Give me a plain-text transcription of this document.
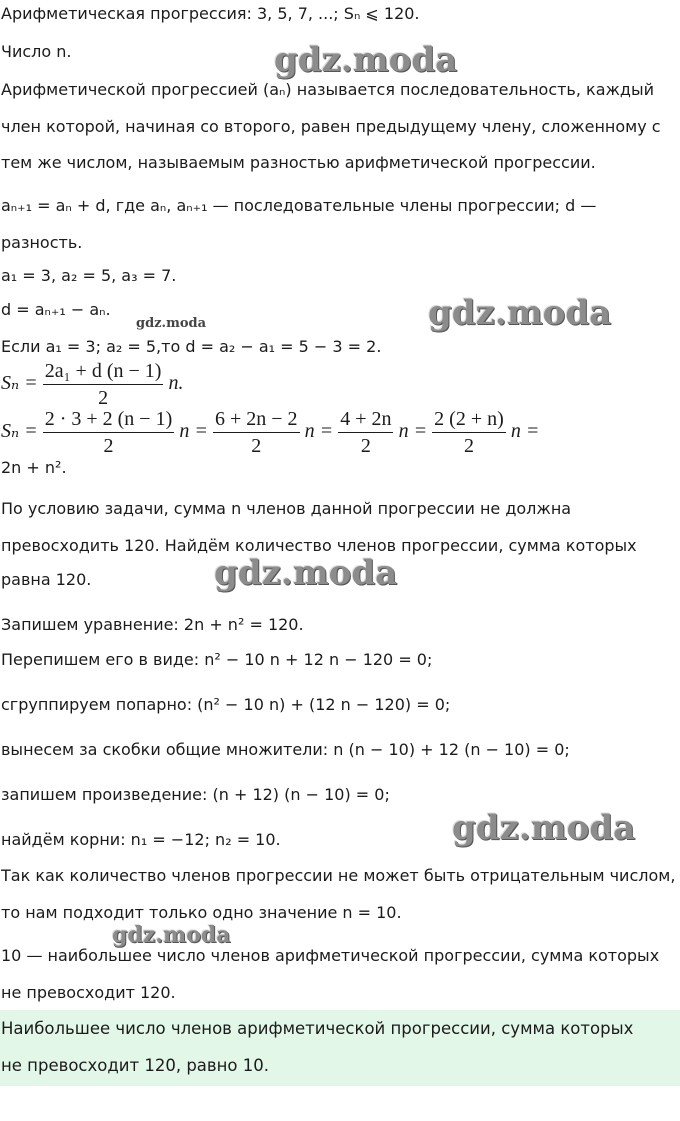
Арифметическая прогрессия: 3, 5, 7, ...; Sₙ ⩽ 120.
Число n.
Арифметической прогрессией (aₙ) называется последовательность, каждый
член которой, начиная со второго, равен предыдущему члену, сложенному с
тем же числом, называемым разностью арифметической прогрессии.
aₙ₊₁ = aₙ + d, где aₙ, aₙ₊₁ — последовательные члены прогрессии; d —
разность.
a₁ = 3, a₂ = 5, a₃ = 7.
d = aₙ₊₁ − aₙ.
Если a₁ = 3; a₂ = 5,то d = a₂ − a₁ = 5 − 3 = 2.
$S_n = \frac{\text{2a₁ + d (n − 1)}}{2} n$.
$S_n = \frac{2 \cdot 3 + 2 (n - 1)}{2}$ $n = \frac{6 + 2n - 2}{2}$ $n = \frac{4 + 2n}{2}$ $n = \frac{2 (2 + n)}{2}$ n =
2n + n².
По условию задачи, сумма n членов данной прогрессии не должна
превосходить 120. Найдём количество членов прогрессии, сумма которых
равна 120.
Запишем уравнение: 2n + n² = 120.
Перепишем его в виде: n² − 10 n + 12 n − 120 = 0;
сгруппируем попарно: (n² − 10 n) + (12 n − 120) = 0;
вынесем за скобки общие множители: n (n − 10) + 12 (n − 10) = 0;
запишем произведение: (n + 12) (n − 10) = 0;
найдём корни: n₁ = −12; n₂ = 10.
Так как количество членов прогрессии не может быть отрицательным числом,
то нам подходит только одно значение n = 10.
10 — наибольшее число членов арифметической прогрессии, сумма которых
не превосходит 120.
Наибольшее число членов арифметической прогрессии, сумма которых
не превосходит 120, равно 10.
gdz.moda
gdz.moda
gdz.moda
gdz.moda
gdz.moda
gdz.moda
